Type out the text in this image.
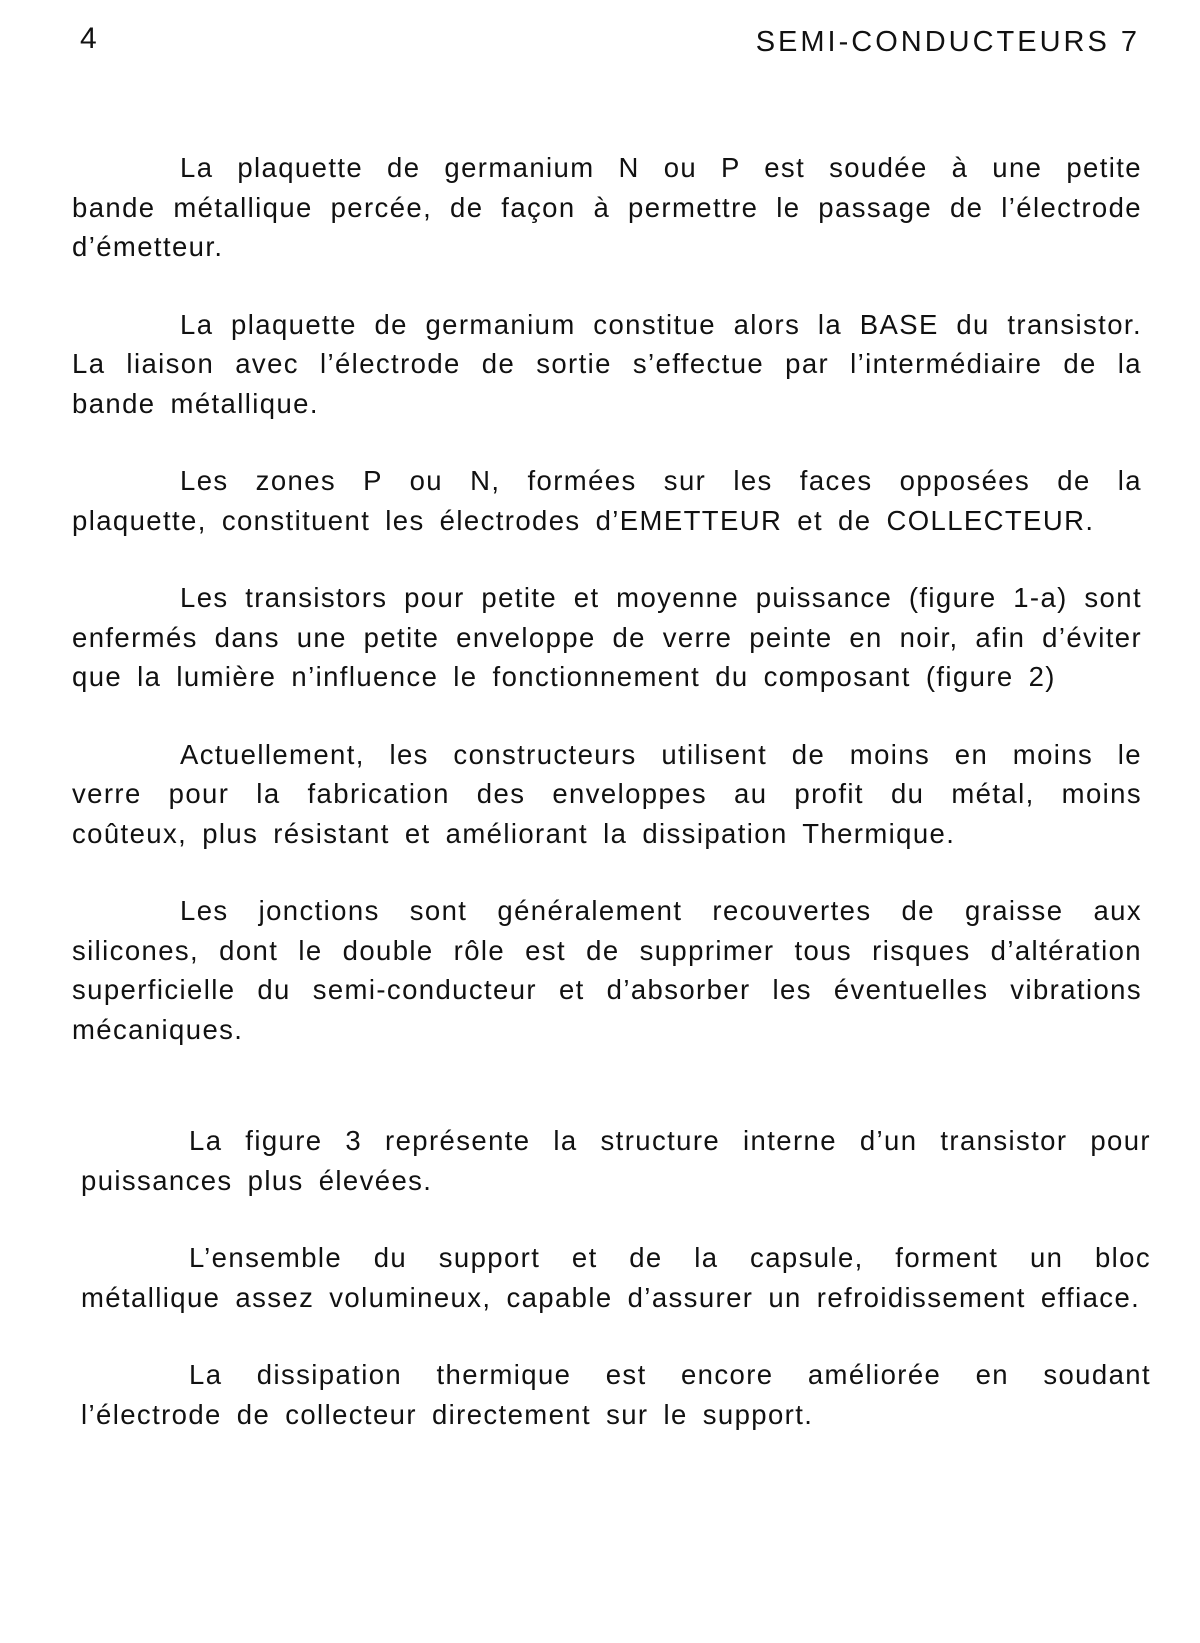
4	SEMI-CONDUCTEURS 7

La plaquette de germanium N ou P est soudée à une petite bande métallique percée, de façon à permettre le passage de l’électrode d’émetteur.

La plaquette de germanium constitue alors la BASE du transistor. La liaison avec l’électrode de sortie s’effectue par l’intermédiaire de la bande métallique.

Les zones P ou N, formées sur les faces opposées de la plaquette, constituent les électrodes d’EMETTEUR et de COLLECTEUR.

Les transistors pour petite et moyenne puissance (figure 1-a) sont enfermés dans une petite enveloppe de verre peinte en noir, afin d’éviter que la lumière n’influence le fonctionnement du composant (figure 2)

Actuellement, les constructeurs utilisent de moins en moins le verre pour la fabrication des enveloppes au profit du métal, moins coûteux, plus résistant et améliorant la dissipation Thermique.

Les jonctions sont généralement recouvertes de graisse aux silicones, dont le double rôle est de supprimer tous risques d’altération superficielle du semi-conducteur et d’absorber les éventuelles vibrations mécaniques.

La figure 3 représente la structure interne d’un transistor pour puissances plus élevées.

L’ensemble du support et de la capsule, forment un bloc métallique assez volumineux, capable d’assurer un refroidissement effiace.

La dissipation thermique est encore améliorée en soudant l’électrode de collecteur directement sur le support.
